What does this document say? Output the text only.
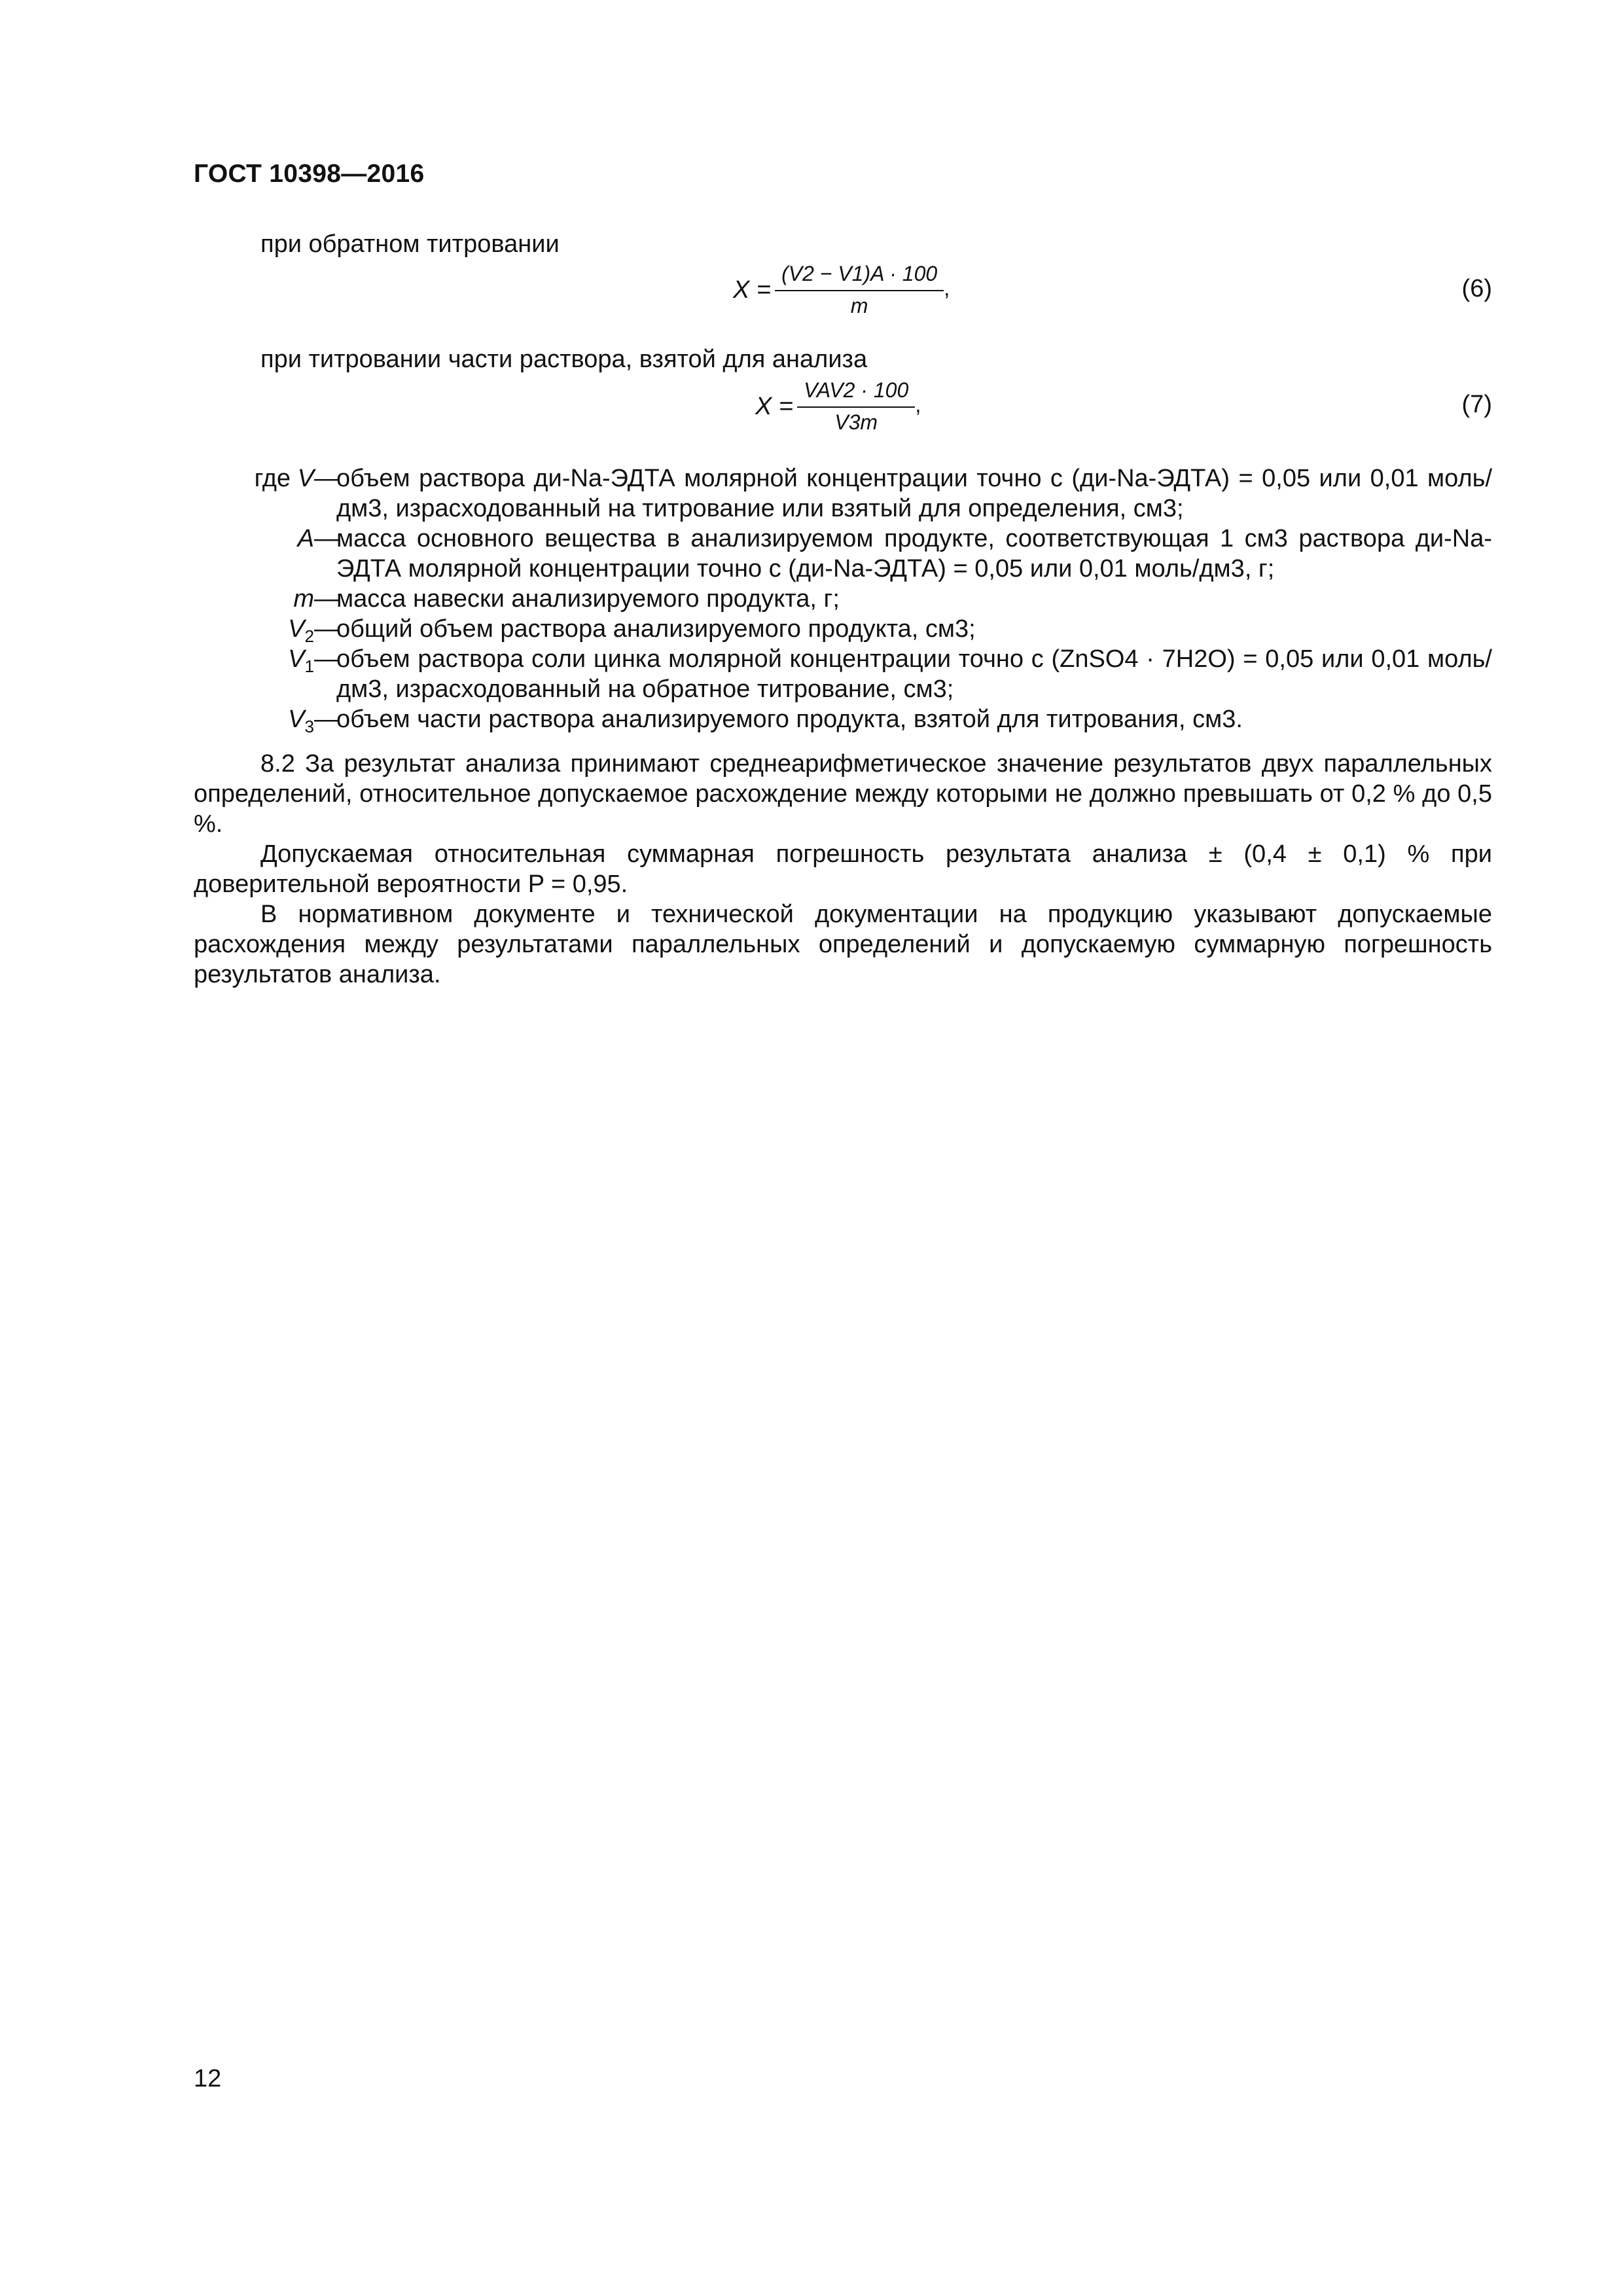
ГОСТ 10398—2016
при обратном титровании
$X = \frac{(V2 - V1)A \cdot 100}{m}$ ,	(6)
при титровании части раствора, взятой для анализа
$X = \frac{\text{VAV2 · 100}}{V3m}$ ,	(7)
где V —
объем раствора ди-Na-ЭДТА молярной концентрации точно c (ди-Na-ЭДТА) = 0,05 или 0,01 моль/дм3, израсходованный на титрование или взятый для определения, см3;
A —
масса основного вещества в анализируемом продукте, соответствующая 1 см3 раствора ди-Na-ЭДТА молярной концентрации точно c (ди-Na-ЭДТА) = 0,05 или 0,01 моль/дм3, г;
m —
масса навески анализируемого продукта, г;
$V_2$ —
общий объем раствора анализируемого продукта, см3;
$V_1$ —
объем раствора соли цинка молярной концентрации точно c (ZnSO4 · 7H2O) = 0,05 или 0,01 моль/дм3, израсходованный на обратное титрование, см3;
$V_3$ —
объем части раствора анализируемого продукта, взятой для титрования, см3.
8.2 За результат анализа принимают среднеарифметическое значение результатов двух параллельных определений, относительное допускаемое расхождение между которыми не должно превышать от 0,2 % до 0,5 %.
Допускаемая относительная суммарная погрешность результата анализа ± (0,4 ± 0,1) % при доверительной вероятности P = 0,95.
В нормативном документе и технической документации на продукцию указывают допускаемые расхождения между результатами параллельных определений и допускаемую суммарную погрешность результатов анализа.
12
